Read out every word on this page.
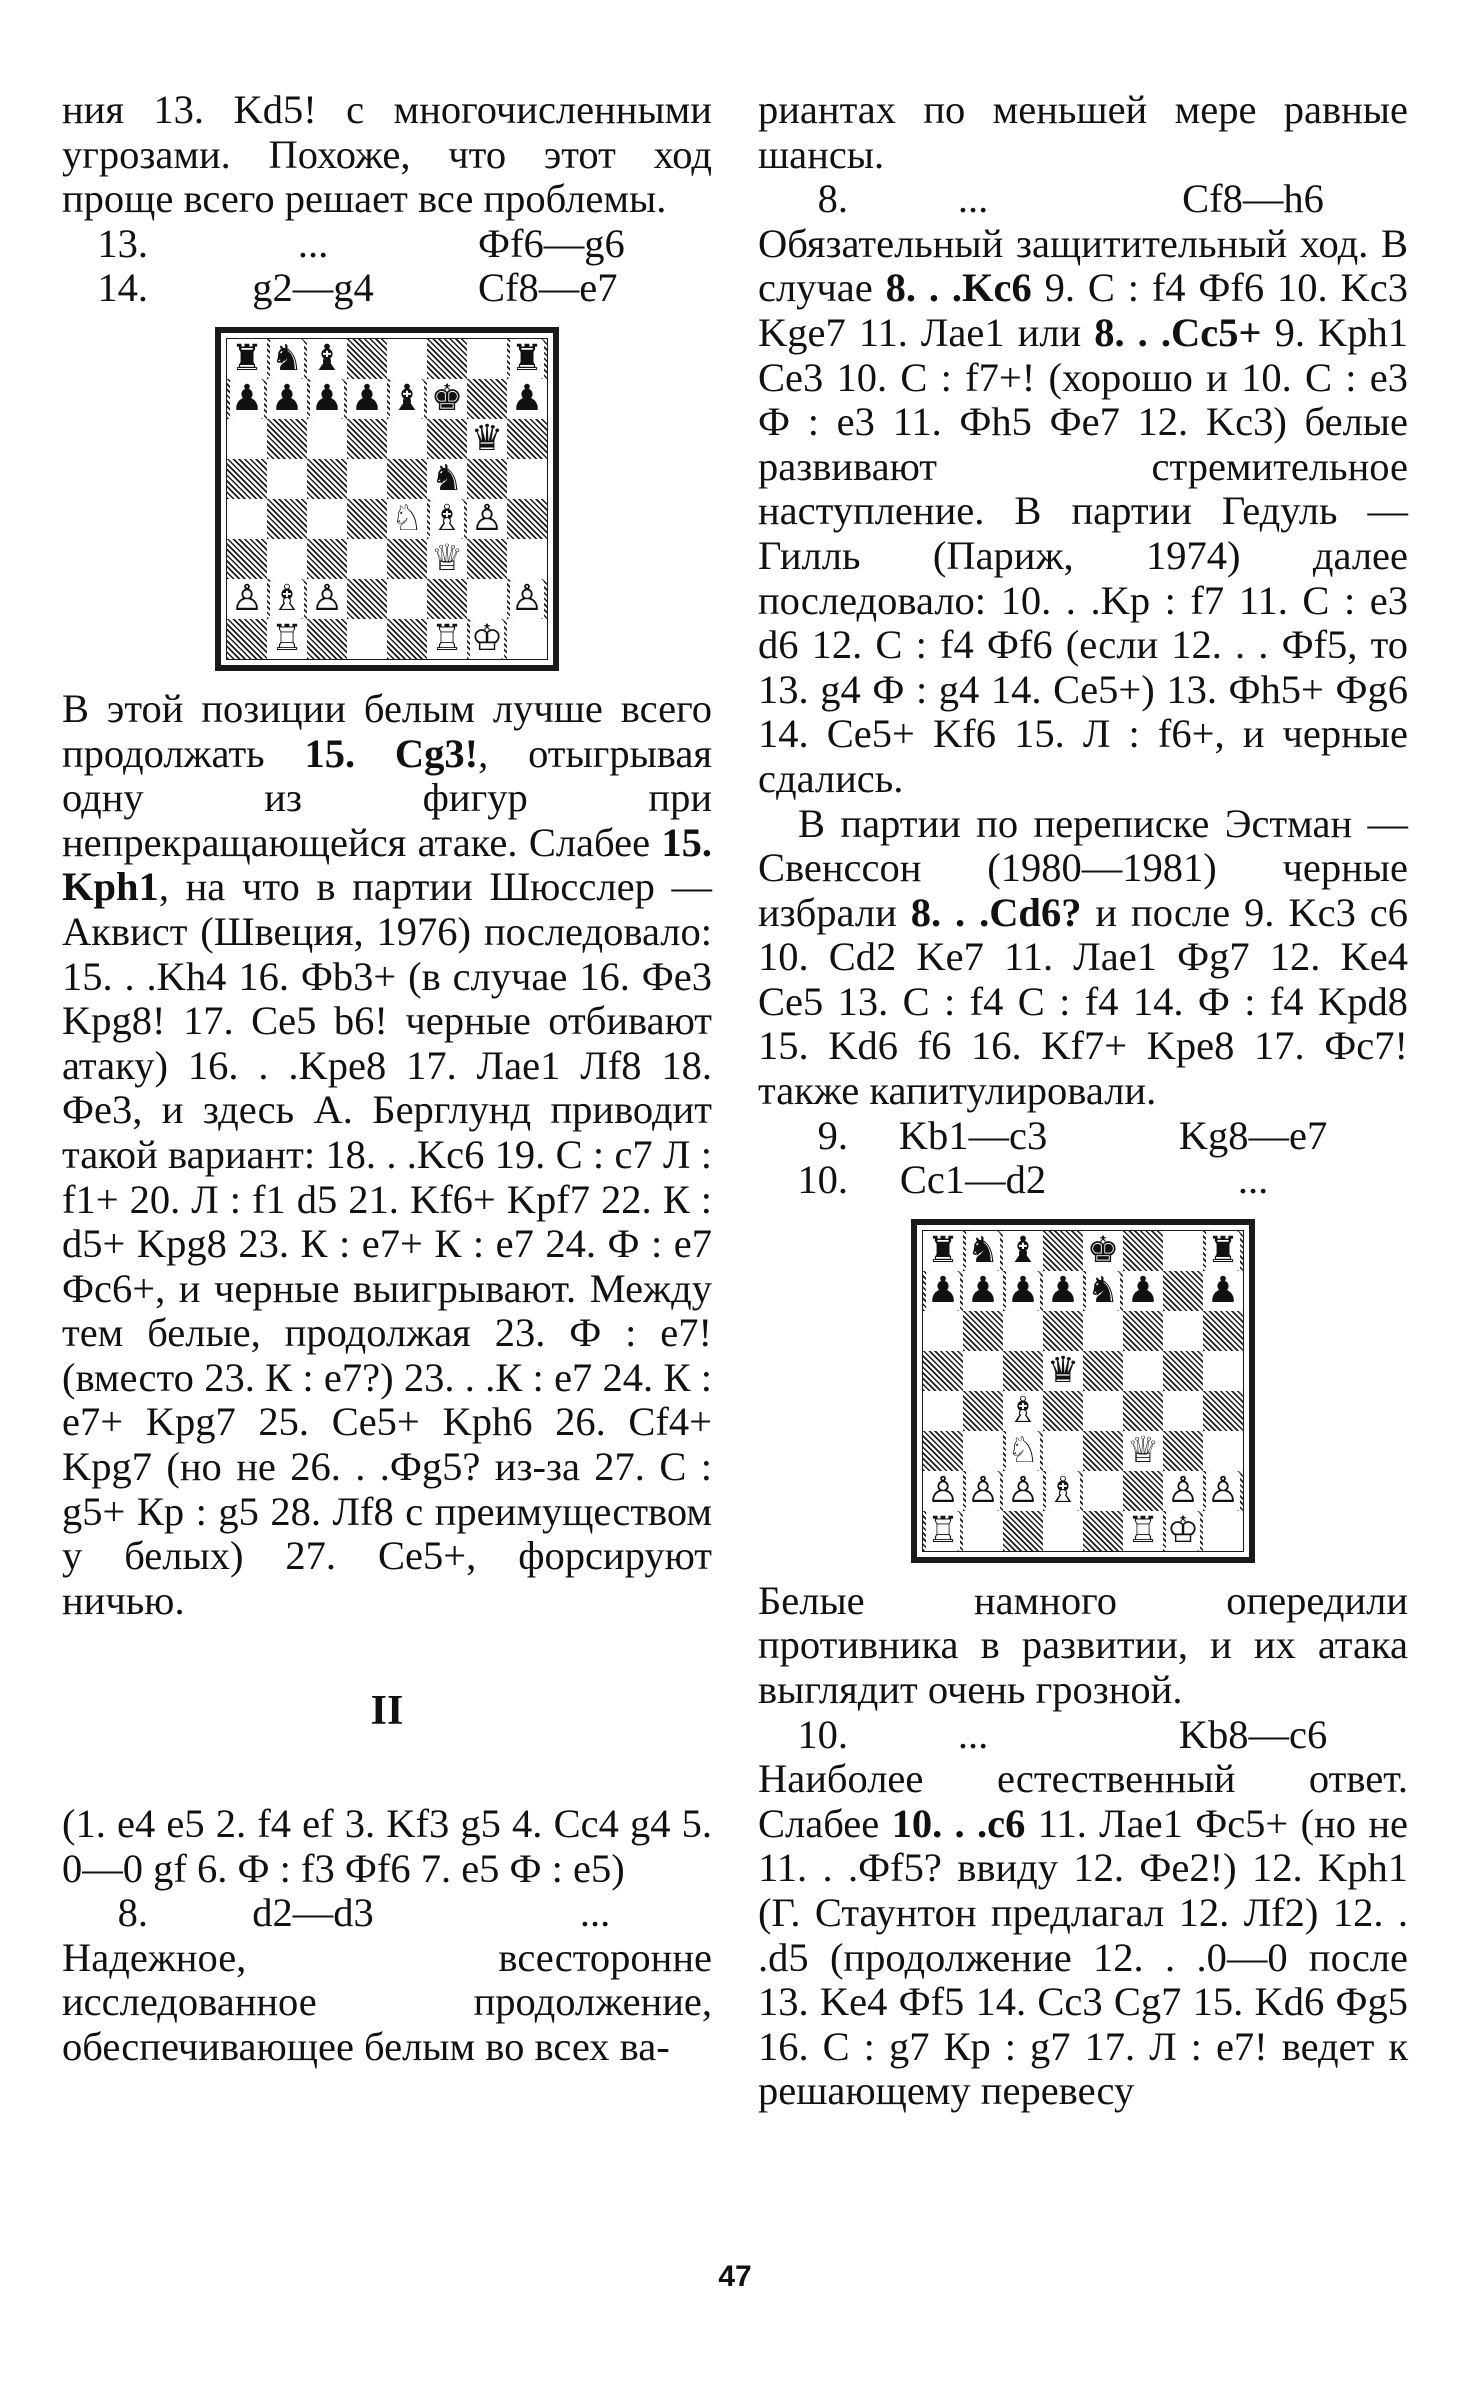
ния 13. Kd5! с многочисленными угрозами. Похоже, что этот ход проще всего решает все проблемы.

13.	...	Фf6—g6
14.	g2—g4	Cf8—e7
♜ ♞ ♝	♜
♟ ♟ ♟ ♟ ♝ ♚ ♟
♛
♞
♘ ♗ ♙
♕
♙ ♗ ♙	♙
♖	♖ ♔

В этой позиции белым лучше всего продолжать 15. Cg3!, отыгрывая одну из фигур при непрекращающейся атаке. Слабее 15. Kph1, на что в партии Шюсслер — Аквист (Швеция, 1976) последовало: 15. . .Kh4 16. Фb3+ (в случае 16. Фe3 Kpg8! 17. Ce5 b6! черные отбивают атаку) 16. . .Kpe8 17. Лae1 Лf8 18. Фe3, и здесь А. Берглунд приводит такой вариант: 18. . .Kc6 19. С : c7 Л : f1+ 20. Л : f1 d5 21. Kf6+ Kpf7 22. К : d5+ Kpg8 23. К : e7+ К : e7 24. Ф : e7 Фc6+, и черные выигрывают. Между тем белые, продолжая 23. Ф : e7! (вместо 23. К : e7?) 23. . .К : e7 24. К : e7+ Kpg7 25. Ce5+ Kph6 26. Cf4+ Kpg7 (но не 26. . .Фg5? из-за 27. С : g5+ Кр : g5 28. Лf8 с преимуществом у белых) 27. Ce5+, форсируют ничью.

II

(1. e4 e5 2. f4 ef 3. Kf3 g5 4. Cc4 g4 5. 0—0 gf 6. Ф : f3 Фf6 7. e5 Ф : e5)

8.	d2—d3	...

Надежное, всесторонне исследованное продолжение, обеспечивающее белым во всех ва-

риантах по меньшей мере равные шансы.

8.	...	Cf8—h6

Обязательный защитительный ход. В случае 8. . .Kc6 9. С : f4 Фf6 10. Kc3 Kge7 11. Лae1 или 8. . .Cc5+ 9. Kph1 Ce3 10. С : f7+! (хорошо и 10. С : e3 Ф : e3 11. Фh5 Фe7 12. Kc3) белые развивают стремительное наступление. В партии Гедуль — Гилль (Париж, 1974) далее последовало: 10. . .Kp : f7 11. С : e3 d6 12. С : f4 Фf6 (если 12. . . Фf5, то 13. g4 Ф : g4 14. Ce5+) 13. Фh5+ Фg6 14. Ce5+ Kf6 15. Л : f6+, и черные сдались.

В партии по переписке Эстман — Свенссон (1980—1981) черные избрали 8. . .Cd6? и после 9. Kc3 c6 10. Cd2 Ke7 11. Лae1 Фg7 12. Ke4 Ce5 13. С : f4 С : f4 14. Ф : f4 Kpd8 15. Kd6 f6 16. Kf7+ Kpe8 17. Фc7! также капитулировали.

9.	Kb1—c3	Kg8—e7
10.	Cc1—d2	...
♜ ♞ ♝ ♚ ♜
♟ ♟ ♟ ♟ ♞ ♟ ♟
♛
♗
♘ ♕
♙ ♙ ♙ ♗ ♙ ♙
♖	♖ ♔

Белые намного опередили противника в развитии, и их атака выглядит очень грозной.

10.	...	Kb8—c6

Наиболее естественный ответ. Слабее 10. . .c6 11. Лae1 Фc5+ (но не 11. . .Фf5? ввиду 12. Фe2!) 12. Kph1 (Г. Стаунтон предлагал 12. Лf2) 12. . .d5 (продолжение 12. . .0—0 после 13. Ke4 Фf5 14. Cc3 Cg7 15. Kd6 Фg5 16. С : g7 Кр : g7 17. Л : e7! ведет к решающему перевесу

47
